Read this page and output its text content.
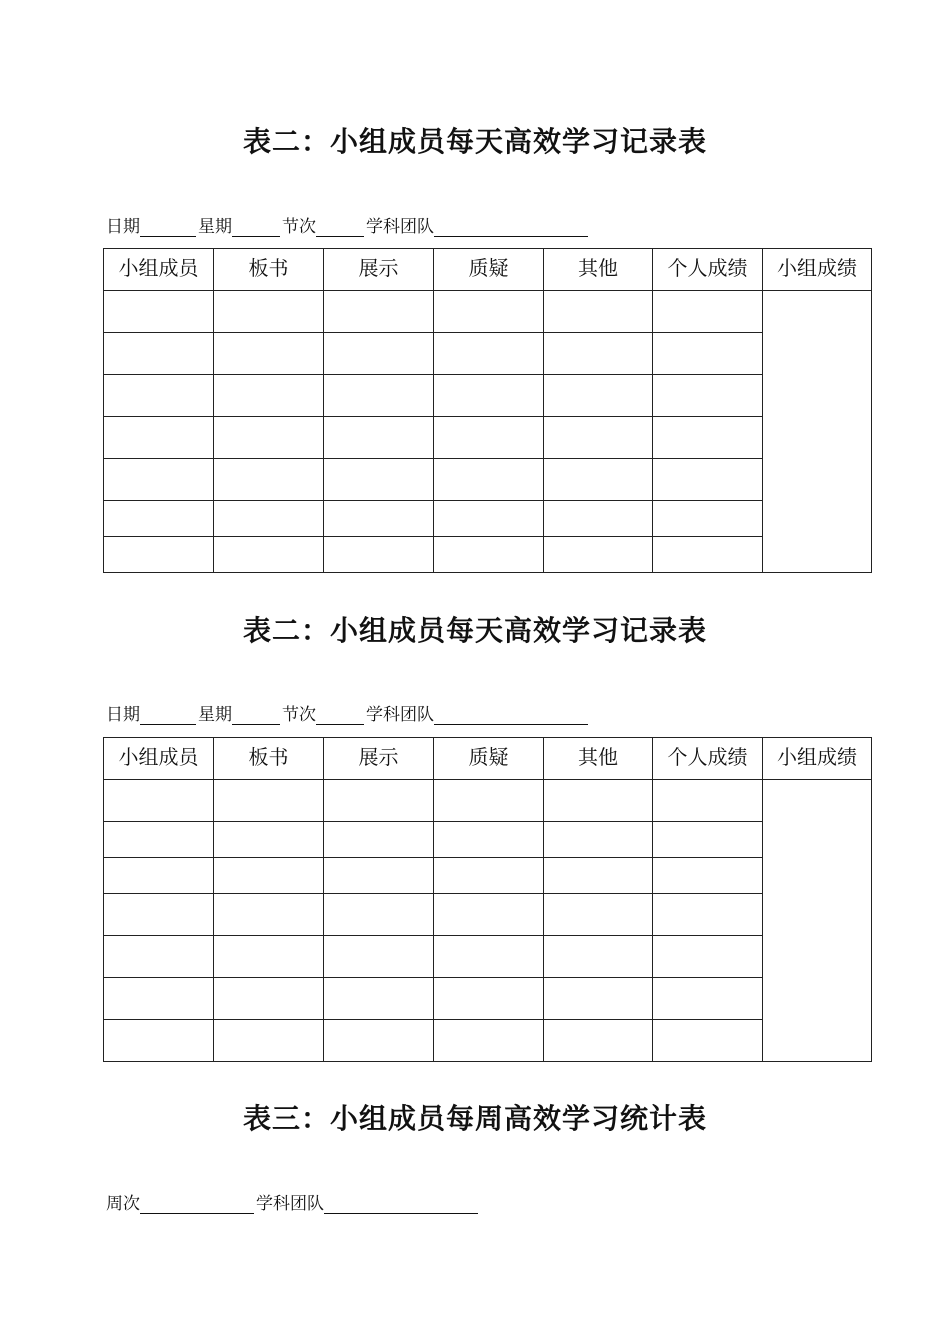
表二：小组成员每天高效学习记录表
日期	星期	节次	学科团队
小组成员	板书	展示	质疑	其他	个人成绩	小组成绩

表二：小组成员每天高效学习记录表
日期	星期	节次	学科团队
小组成员	板书	展示	质疑	其他	个人成绩	小组成绩

表三：小组成员每周高效学习统计表
周次	学科团队
